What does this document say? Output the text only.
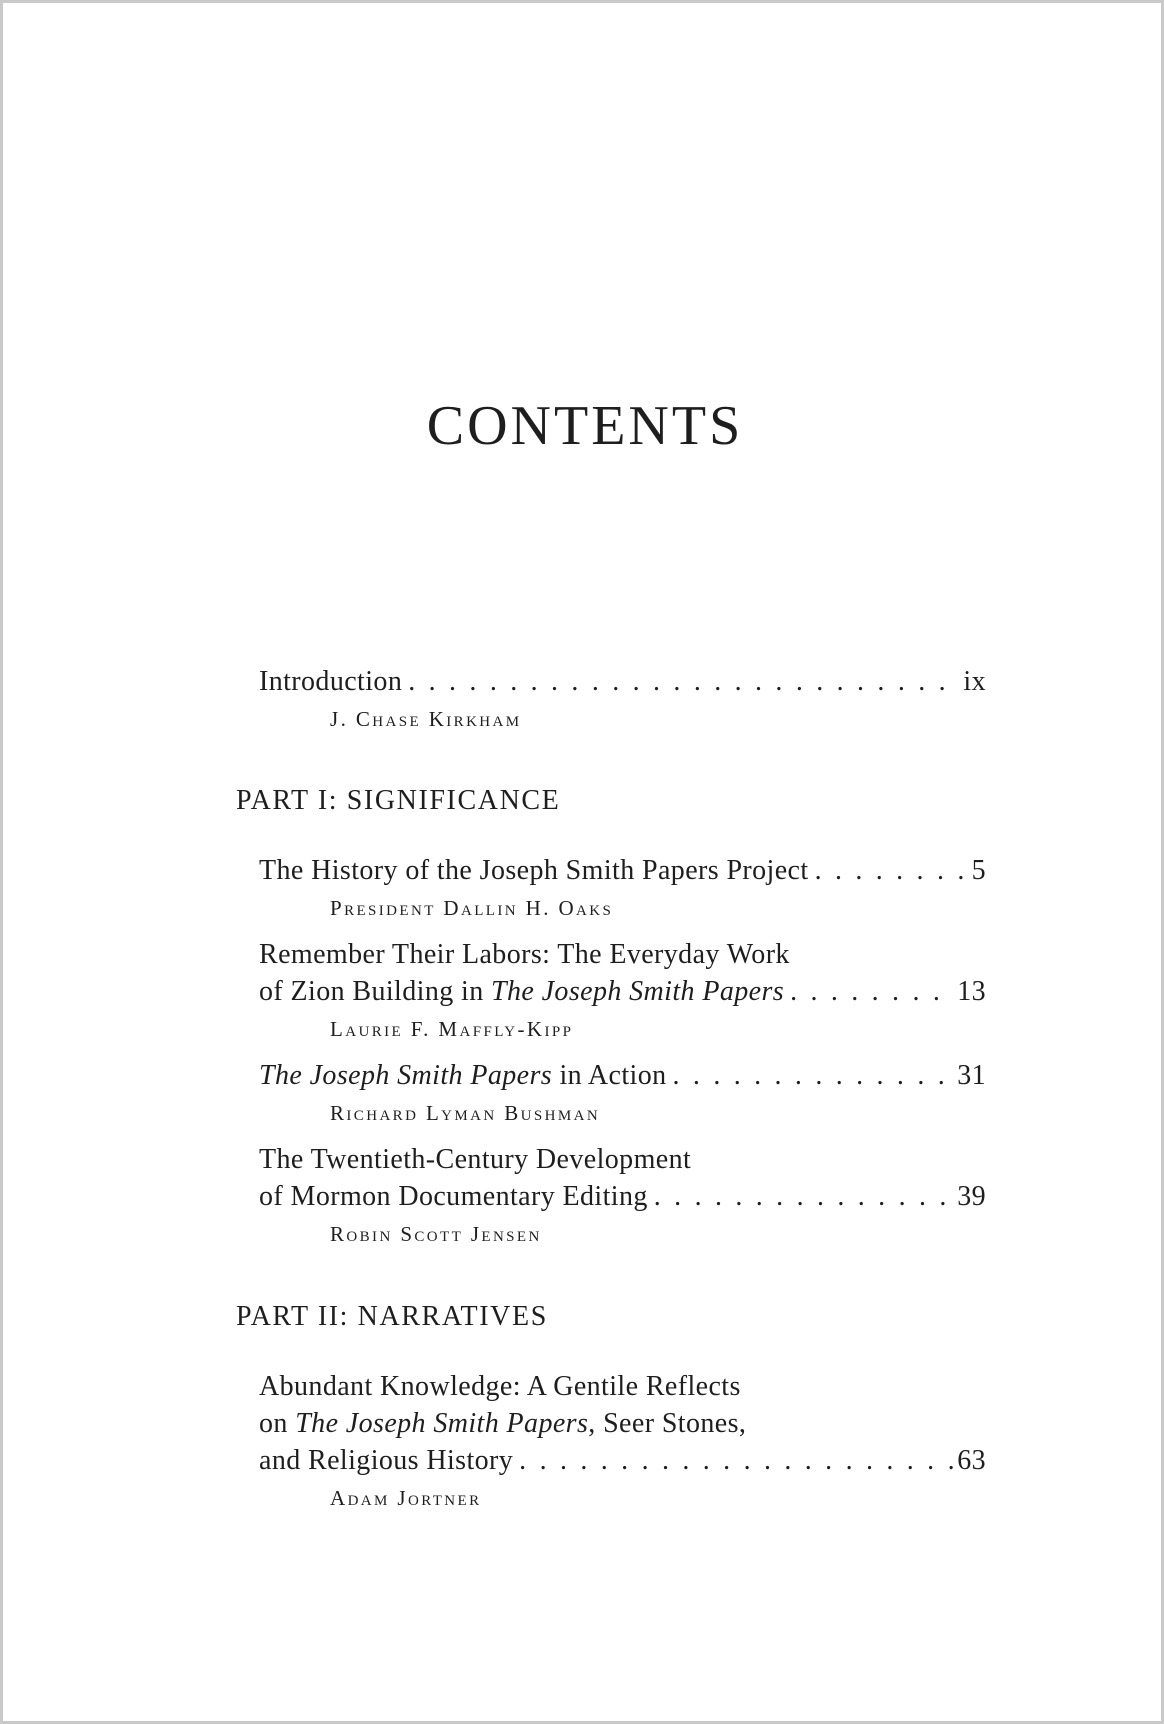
CONTENTS
Introduction . . .	ix
J. Chase Kirkham
PART I: SIGNIFICANCE
The History of the Joseph Smith Papers Project . . .	5
President Dallin H. Oaks
Remember Their Labors: The Everyday Work
of Zion Building in The Joseph Smith Papers . . .	13
Laurie F. Maffly-Kipp
The Joseph Smith Papers in Action . . .	31
Richard Lyman Bushman
The Twentieth-Century Development
of Mormon Documentary Editing . . .	39
Robin Scott Jensen
PART II: NARRATIVES
Abundant Knowledge: A Gentile Reflects
on The Joseph Smith Papers, Seer Stones,
and Religious History . . .	63
Adam Jortner
